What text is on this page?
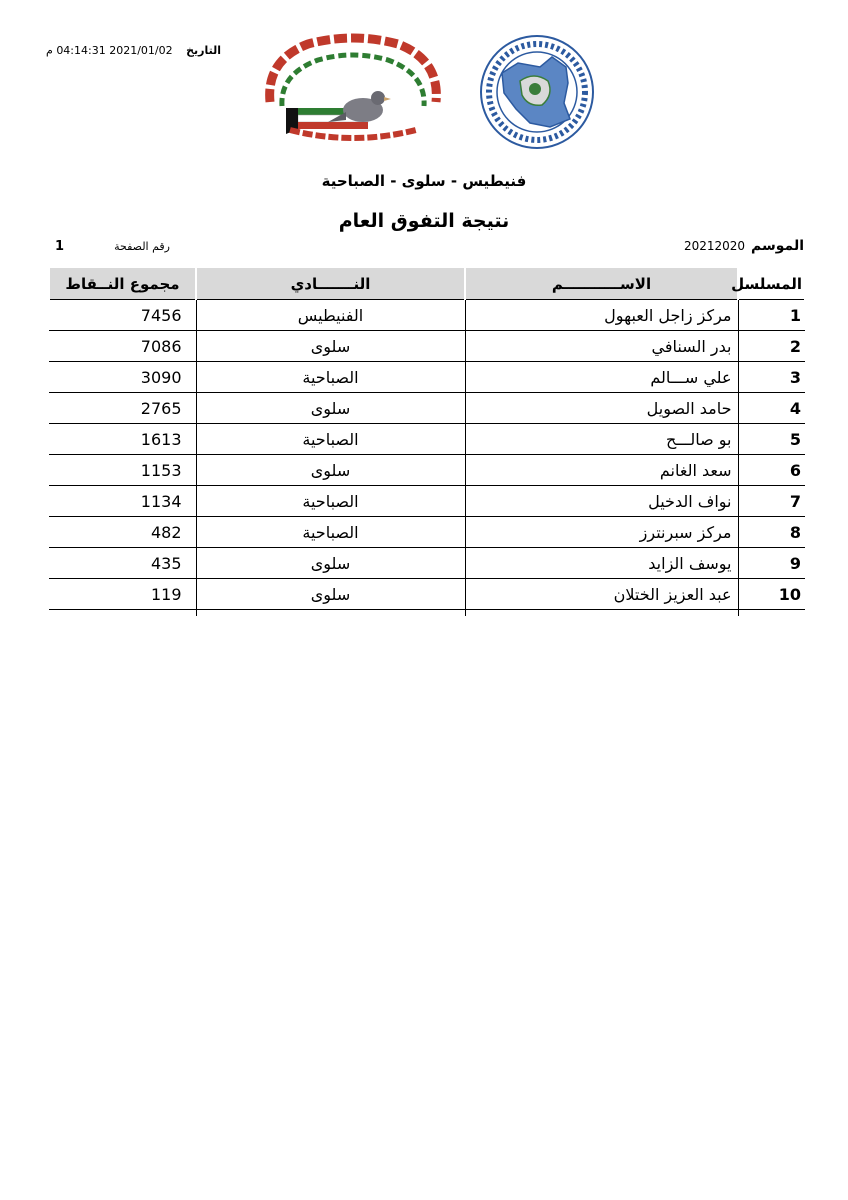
التاريخ 2021/01/02 04:14:31 م
فنيطيس - سلوى - الصباحية
نتيجة التفوق العام
الموسم20212020
رقم الصفحة
1
المسلسل	الاســـــــــــم	النـــــــادي	مجموع النــقاط
1	مركز زاجل العبهول	الفنيطيس	7456
2	بدر السنافي	سلوى	7086
3	علي ســـالم	الصباحية	3090
4	حامد الصويل	سلوى	2765
5	بو صالـــح	الصباحية	1613
6	سعد الغانم	سلوى	1153
7	نواف الدخيل	الصباحية	1134
8	مركز سبرنترز	الصباحية	482
9	يوسف الزايد	سلوى	435
10	عبد العزيز الختلان	سلوى	119
